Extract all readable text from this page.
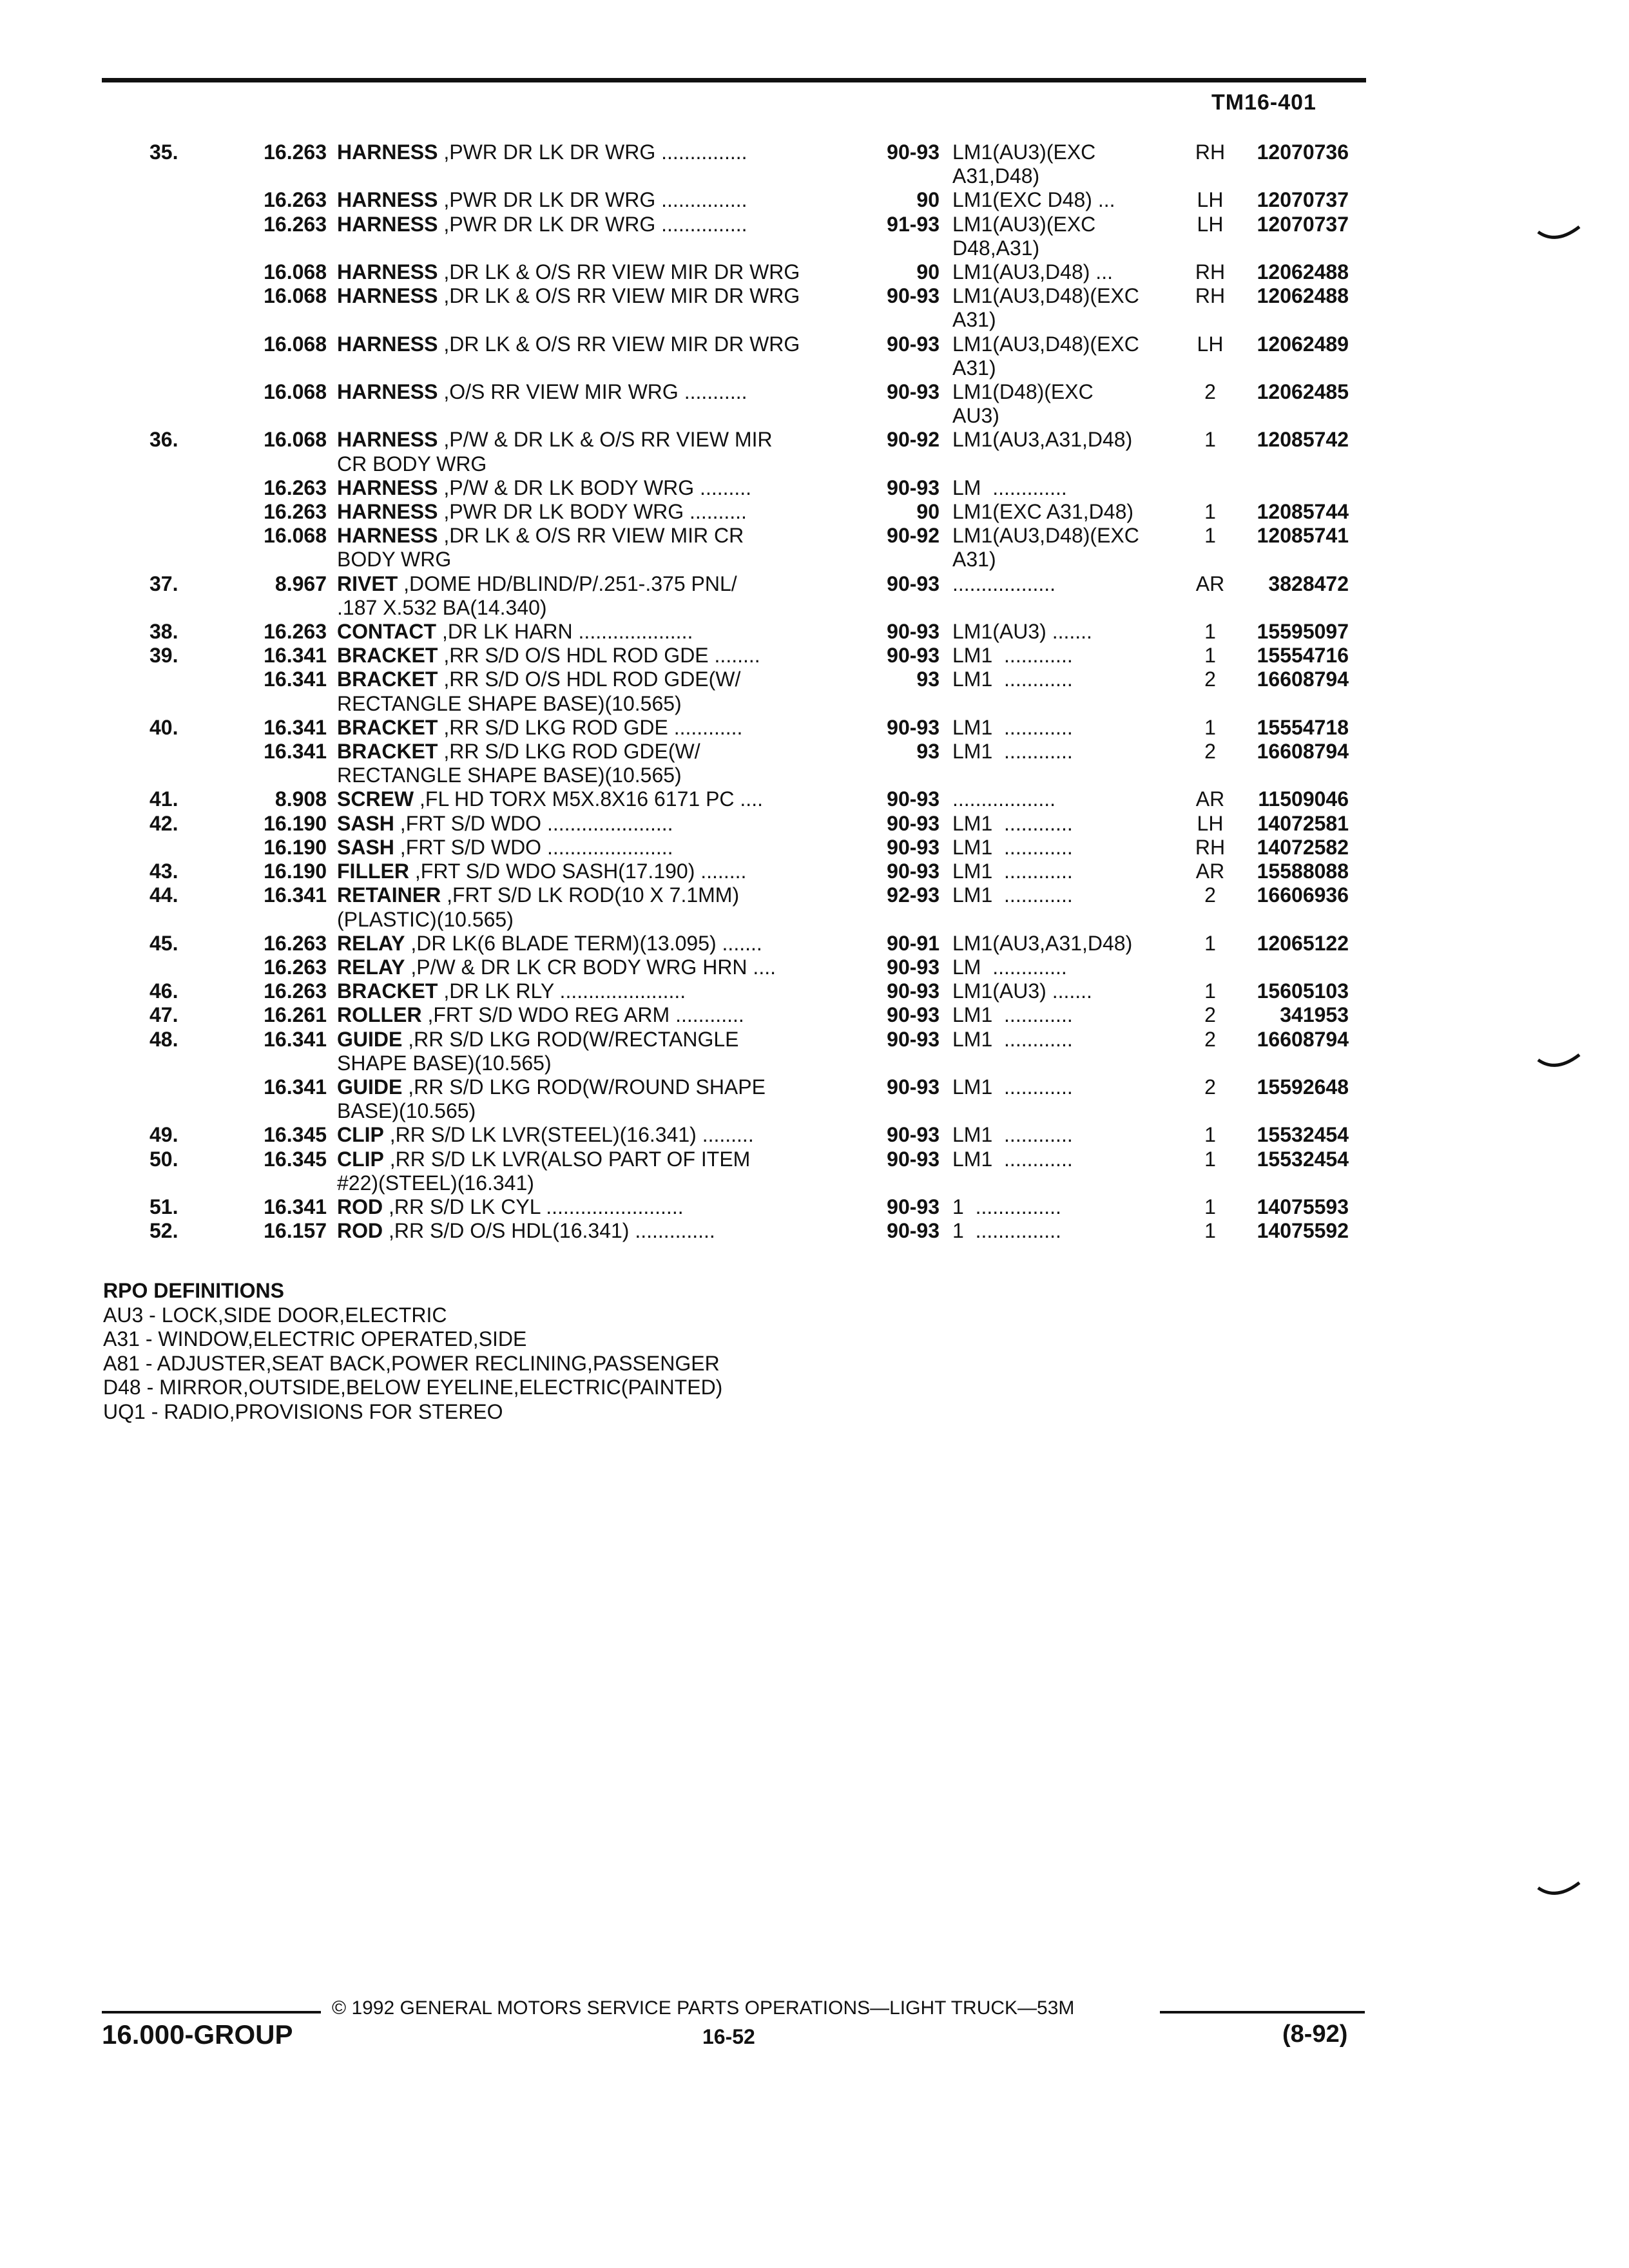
TM16-401
35.	16.263 HARNESS ,PWR DR LK DR WRG ...............	90-93 LM1(AU3)(EXC	RH	12070736
A31,D48)
16.263 HARNESS ,PWR DR LK DR WRG ...............	90 LM1(EXC D48) ...	LH	12070737
16.263 HARNESS ,PWR DR LK DR WRG ...............	91-93 LM1(AU3)(EXC	LH	12070737
D48,A31)
16.068 HARNESS ,DR LK & O/S RR VIEW MIR DR WRG	90 LM1(AU3,D48) ...	RH	12062488
16.068 HARNESS ,DR LK & O/S RR VIEW MIR DR WRG	90-93 LM1(AU3,D48)(EXC	RH	12062488
A31)
16.068 HARNESS ,DR LK & O/S RR VIEW MIR DR WRG	90-93 LM1(AU3,D48)(EXC	LH	12062489
A31)
16.068 HARNESS ,O/S RR VIEW MIR WRG ...........	90-93 LM1(D48)(EXC	2	12062485
AU3)
36.	16.068 HARNESS ,P/W & DR LK & O/S RR VIEW MIR	90-92 LM1(AU3,A31,D48)	1	12085742
CR BODY WRG
16.263 HARNESS ,P/W & DR LK BODY WRG .........	90-93 LM  .............
16.263 HARNESS ,PWR DR LK BODY WRG ..........	90 LM1(EXC A31,D48)	1	12085744
16.068 HARNESS ,DR LK & O/S RR VIEW MIR CR	90-92 LM1(AU3,D48)(EXC	1	12085741
BODY WRG	A31)
37.	8.967 RIVET ,DOME HD/BLIND/P/.251-.375 PNL/	90-93 ..................	AR	3828472
.187 X.532 BA(14.340)
38.	16.263 CONTACT ,DR LK HARN ....................	90-93 LM1(AU3) .......	1	15595097
39.	16.341 BRACKET ,RR S/D O/S HDL ROD GDE ........	90-93 LM1  ............	1	15554716
16.341 BRACKET ,RR S/D O/S HDL ROD GDE(W/	93 LM1  ............	2	16608794
RECTANGLE SHAPE BASE)(10.565)
40.	16.341 BRACKET ,RR S/D LKG ROD GDE ............	90-93 LM1  ............	1	15554718
16.341 BRACKET ,RR S/D LKG ROD GDE(W/	93 LM1  ............	2	16608794
RECTANGLE SHAPE BASE)(10.565)
41.	8.908 SCREW ,FL HD TORX M5X.8X16 6171 PC ....	90-93 ..................	AR	11509046
42.	16.190 SASH ,FRT S/D WDO ......................	90-93 LM1  ............	LH	14072581
16.190 SASH ,FRT S/D WDO ......................	90-93 LM1  ............	RH	14072582
43.	16.190 FILLER ,FRT S/D WDO SASH(17.190) ........	90-93 LM1  ............	AR	15588088
44.	16.341 RETAINER ,FRT S/D LK ROD(10 X 7.1MM)	92-93 LM1  ............	2	16606936
(PLASTIC)(10.565)
45.	16.263 RELAY ,DR LK(6 BLADE TERM)(13.095) .......	90-91 LM1(AU3,A31,D48)	1	12065122
16.263 RELAY ,P/W & DR LK CR BODY WRG HRN ....	90-93 LM  .............
46.	16.263 BRACKET ,DR LK RLY ......................	90-93 LM1(AU3) .......	1	15605103
47.	16.261 ROLLER ,FRT S/D WDO REG ARM ............	90-93 LM1  ............	2	341953
48.	16.341 GUIDE ,RR S/D LKG ROD(W/RECTANGLE	90-93 LM1  ............	2	16608794
SHAPE BASE)(10.565)
16.341 GUIDE ,RR S/D LKG ROD(W/ROUND SHAPE	90-93 LM1  ............	2	15592648
BASE)(10.565)
49.	16.345 CLIP ,RR S/D LK LVR(STEEL)(16.341) .........	90-93 LM1  ............	1	15532454
50.	16.345 CLIP ,RR S/D LK LVR(ALSO PART OF ITEM	90-93 LM1  ............	1	15532454
#22)(STEEL)(16.341)
51.	16.341 ROD ,RR S/D LK CYL ........................	90-93 1  ...............	1	14075593
52.	16.157 ROD ,RR S/D O/S HDL(16.341) ..............	90-93 1  ...............	1	14075592
RPO DEFINITIONS
AU3 - LOCK,SIDE DOOR,ELECTRIC
A31 - WINDOW,ELECTRIC OPERATED,SIDE
A81 - ADJUSTER,SEAT BACK,POWER RECLINING,PASSENGER
D48 - MIRROR,OUTSIDE,BELOW EYELINE,ELECTRIC(PAINTED)
UQ1 - RADIO,PROVISIONS FOR STEREO
© 1992 GENERAL MOTORS SERVICE PARTS OPERATIONS—LIGHT TRUCK—53M
16.000-GROUP	16-52	(8-92)
